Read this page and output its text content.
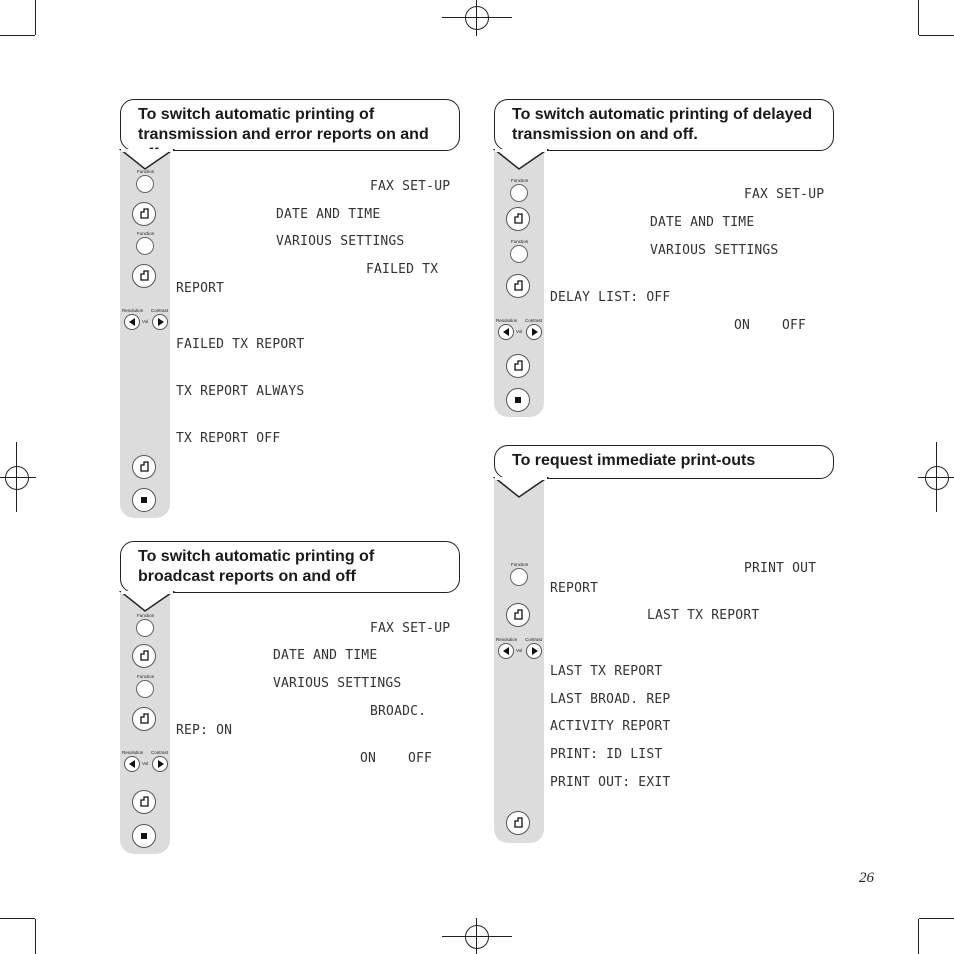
To switch automatic printing of
transmission and error reports on and
Function
Function
Resolution Contrast
Vol
FAX SET-UP
DATE AND TIME
VARIOUS SETTINGS
FAILED TX
REPORT
FAILED TX REPORT
TX REPORT ALWAYS
TX REPORT OFF
To switch automatic printing of
broadcast reports on and off
Function
Function
Resolution Contrast
Vol
FAX SET-UP
DATE AND TIME
VARIOUS SETTINGS
BROADC.
REP: ON
ON OFF
To switch automatic printing of delayed
transmission on and off.
Function
Function
Resolution Contrast
Vol
FAX SET-UP
DATE AND TIME
VARIOUS SETTINGS
DELAY LIST: OFF
ON OFF
To request immediate print-outs
Function
Resolution Contrast
Vol
PRINT OUT
REPORT
LAST TX REPORT
LAST TX REPORT
LAST BROAD. REP
ACTIVITY REPORT
PRINT: ID LIST
PRINT OUT: EXIT
26
